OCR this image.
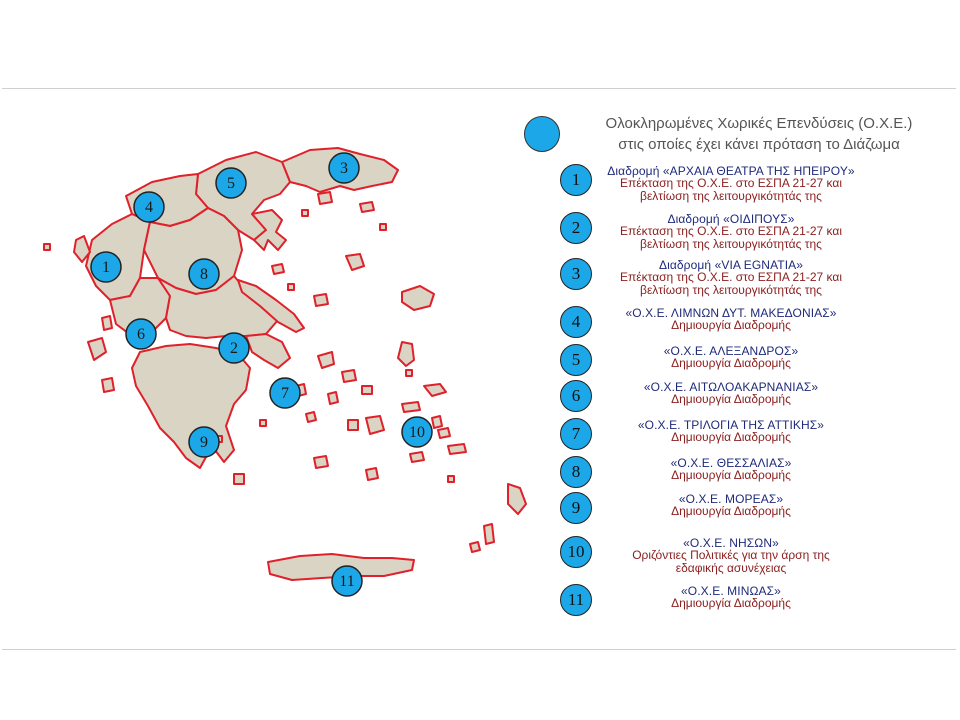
1
2
3
4
5
6
7
8
9
10
11
Ολοκληρωμένες Χωρικές Επενδύσεις (Ο.Χ.Ε.)
στις οποίες έχει κάνει πρόταση το Διάζωμα
1	Διαδρομή «ΑΡΧΑΙΑ ΘΕΑΤΡΑ ΤΗΣ ΗΠΕΙΡΟΥ»
Επέκταση της Ο.Χ.Ε. στο ΕΣΠΑ 21-27 και
βελτίωση της λειτουργικότητάς της
2	Διαδρομή «ΟΙΔΙΠΟΥΣ»
Επέκταση της Ο.Χ.Ε. στο ΕΣΠΑ 21-27 και
βελτίωση της λειτουργικότητάς της
3	Διαδρομή «VIA EGNATIA»
Επέκταση της Ο.Χ.Ε. στο ΕΣΠΑ 21-27 και
βελτίωση της λειτουργικότητάς της
4	«Ο.Χ.Ε. ΛΙΜΝΩΝ ΔΥΤ. ΜΑΚΕΔΟΝΙΑΣ»
Δημιουργία Διαδρομής
5	«Ο.Χ.Ε. ΑΛΕΞΑΝΔΡΟΣ»
Δημιουργία Διαδρομής
6	«Ο.Χ.Ε. ΑΙΤΩΛΟΑΚΑΡΝΑΝΙΑΣ»
Δημιουργία Διαδρομής
7	«Ο.Χ.Ε. ΤΡΙΛΟΓΙΑ ΤΗΣ ΑΤΤΙΚΗΣ»
Δημιουργία Διαδρομής
8	«Ο.Χ.Ε. ΘΕΣΣΑΛΙΑΣ»
Δημιουργία Διαδρομής
9	«Ο.Χ.Ε. ΜΟΡΕΑΣ»
Δημιουργία Διαδρομής
10	«Ο.Χ.Ε. ΝΗΣΩΝ»
Οριζόντιες Πολιτικές για την άρση της
εδαφικής ασυνέχειας
11	«Ο.Χ.Ε. ΜΙΝΩΑΣ»
Δημιουργία Διαδρομής
